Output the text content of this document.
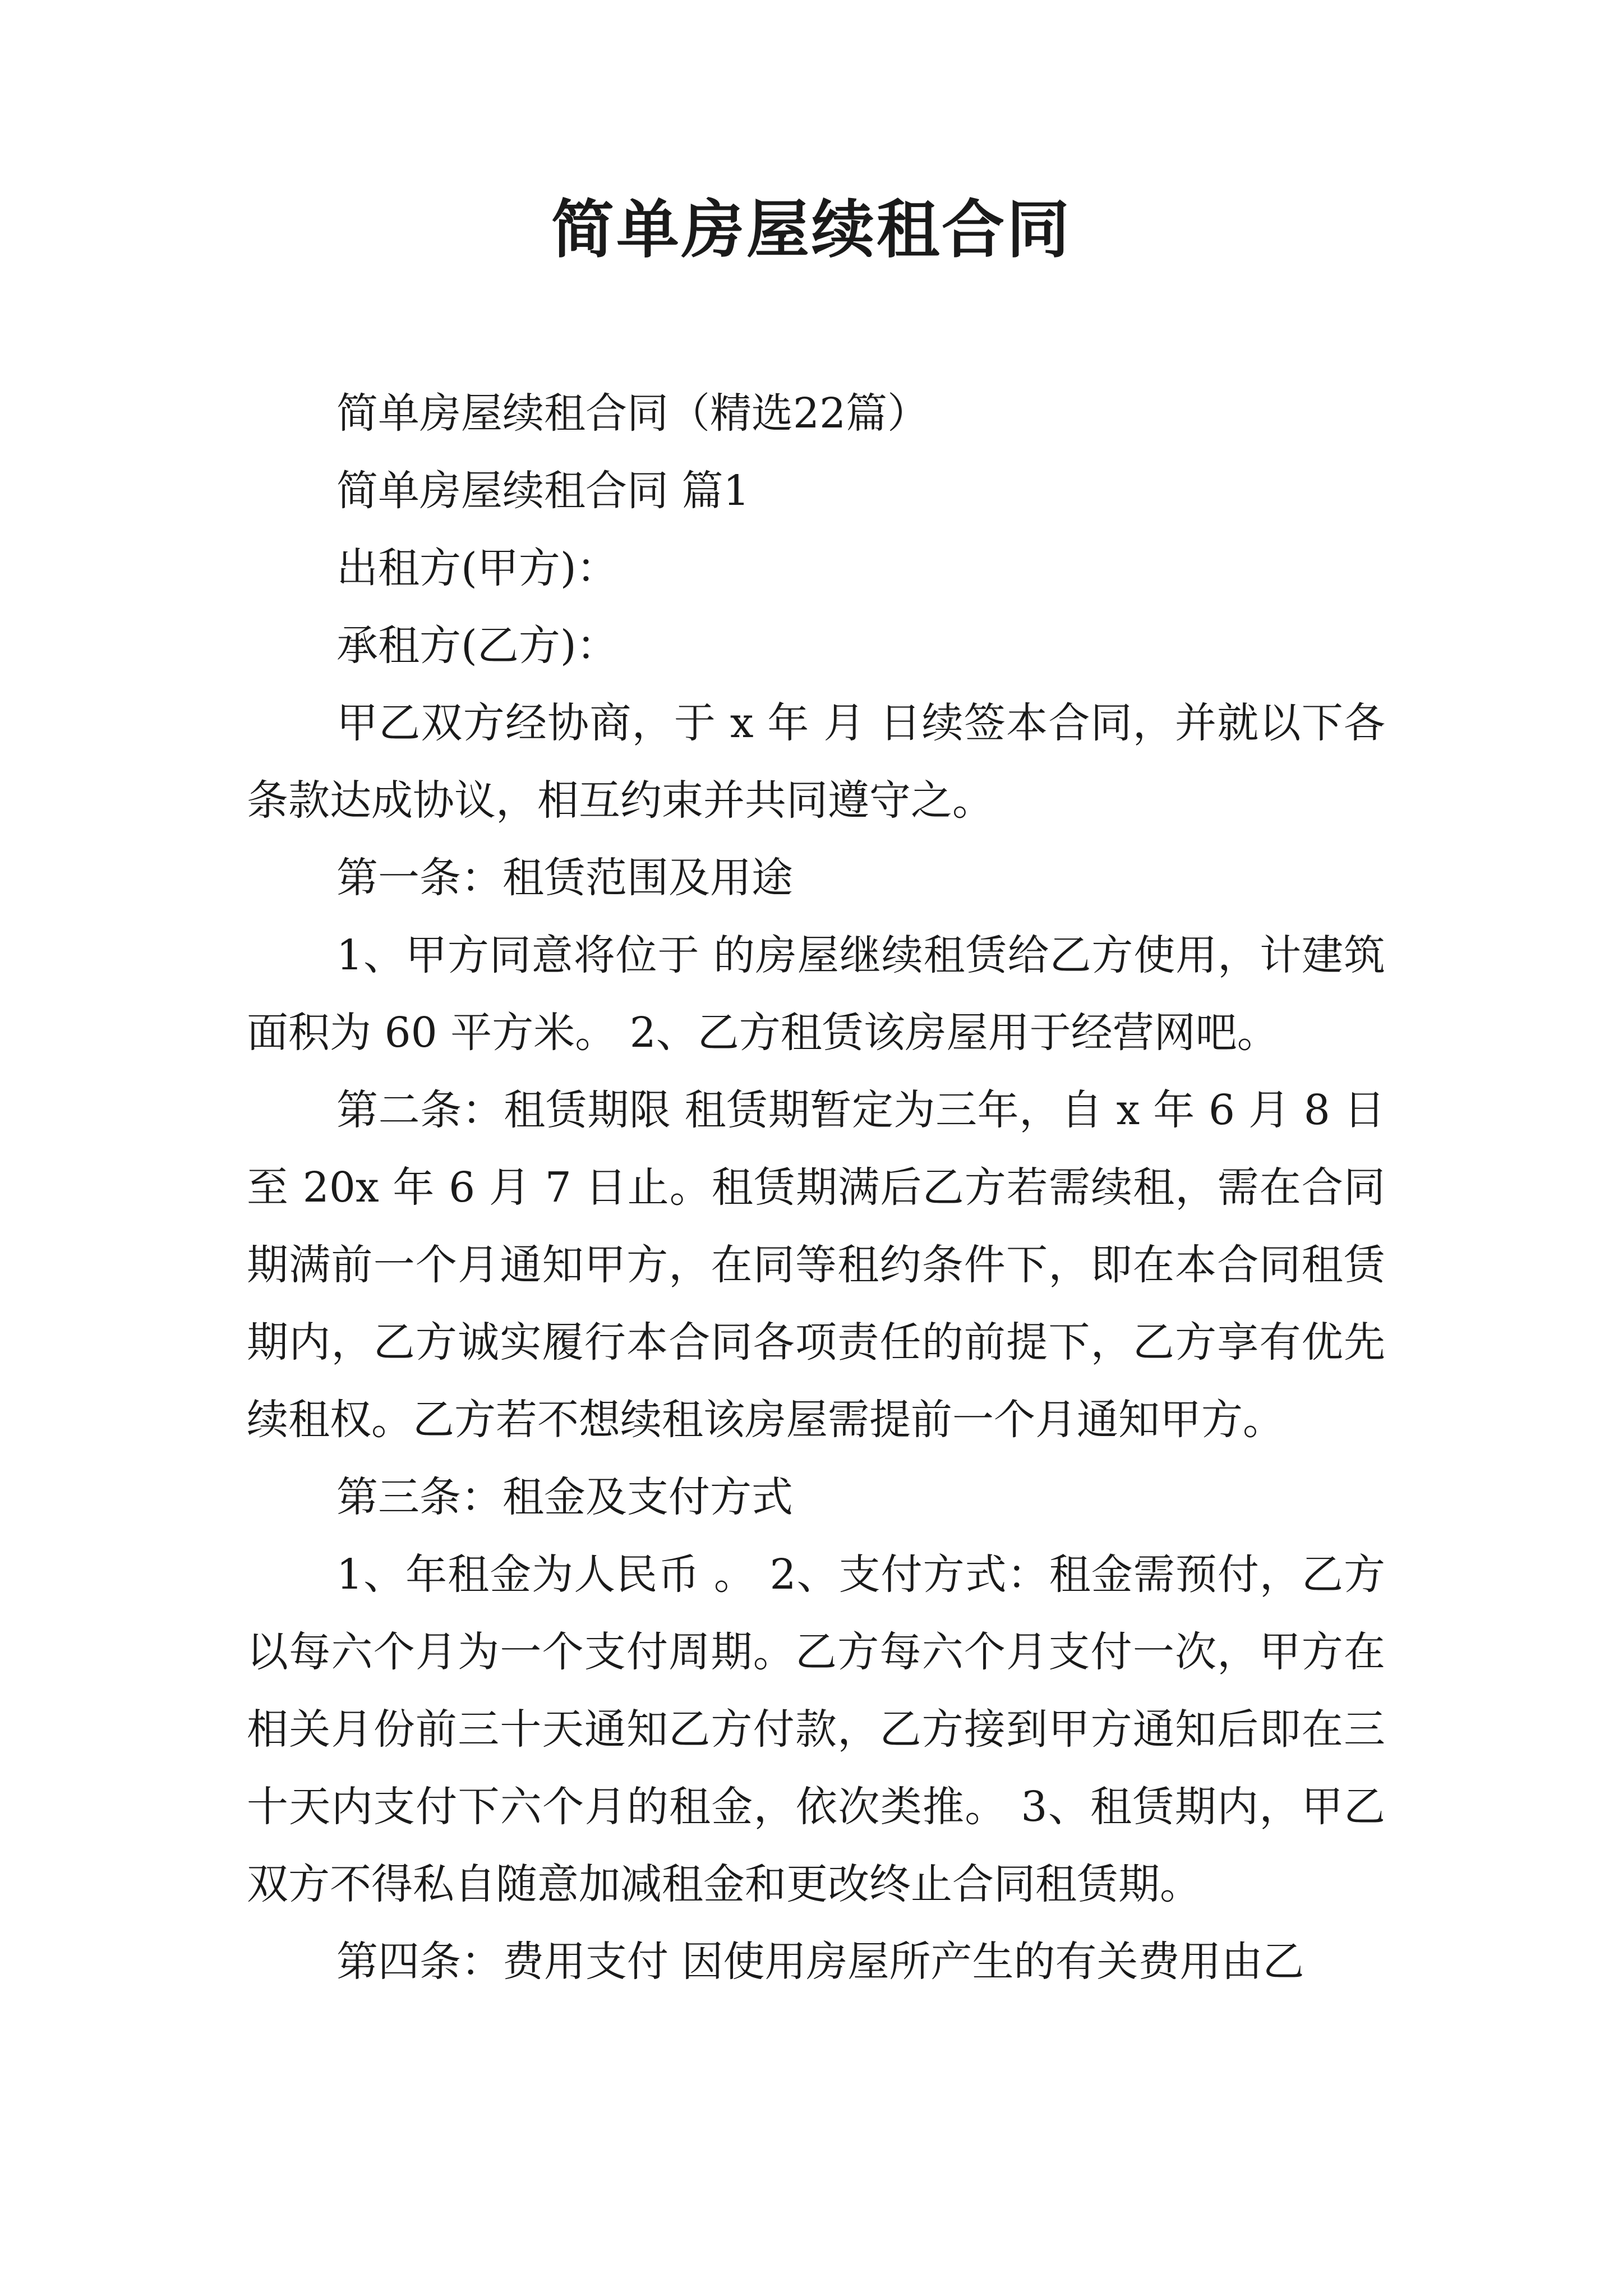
简单房屋续租合同

简单房屋续租合同（精选22篇）

简单房屋续租合同 篇1

出租方(甲方)：

承租方(乙方)：

甲乙双方经协商，于 x 年 月 日续签本合同，并就以下各条款达成协议，相互约束并共同遵守之。

第一条：租赁范围及用途

1、甲方同意将位于 的房屋继续租赁给乙方使用，计建筑面积为 60 平方米。 2、乙方租赁该房屋用于经营网吧。

第二条：租赁期限 租赁期暂定为三年，自 x 年 6 月 8 日至 20x 年 6 月 7 日止。租赁期满后乙方若需续租，需在合同期满前一个月通知甲方，在同等租约条件下，即在本合同租赁期内，乙方诚实履行本合同各项责任的前提下，乙方享有优先续租权。乙方若不想续租该房屋需提前一个月通知甲方。

第三条：租金及支付方式

1、年租金为人民币 。 2、支付方式：租金需预付，乙方以每六个月为一个支付周期。乙方每六个月支付一次，甲方在相关月份前三十天通知乙方付款，乙方接到甲方通知后即在三十天内支付下六个月的租金，依次类推。 3、租赁期内，甲乙双方不得私自随意加减租金和更改终止合同租赁期。

第四条：费用支付 因使用房屋所产生的有关费用由乙
